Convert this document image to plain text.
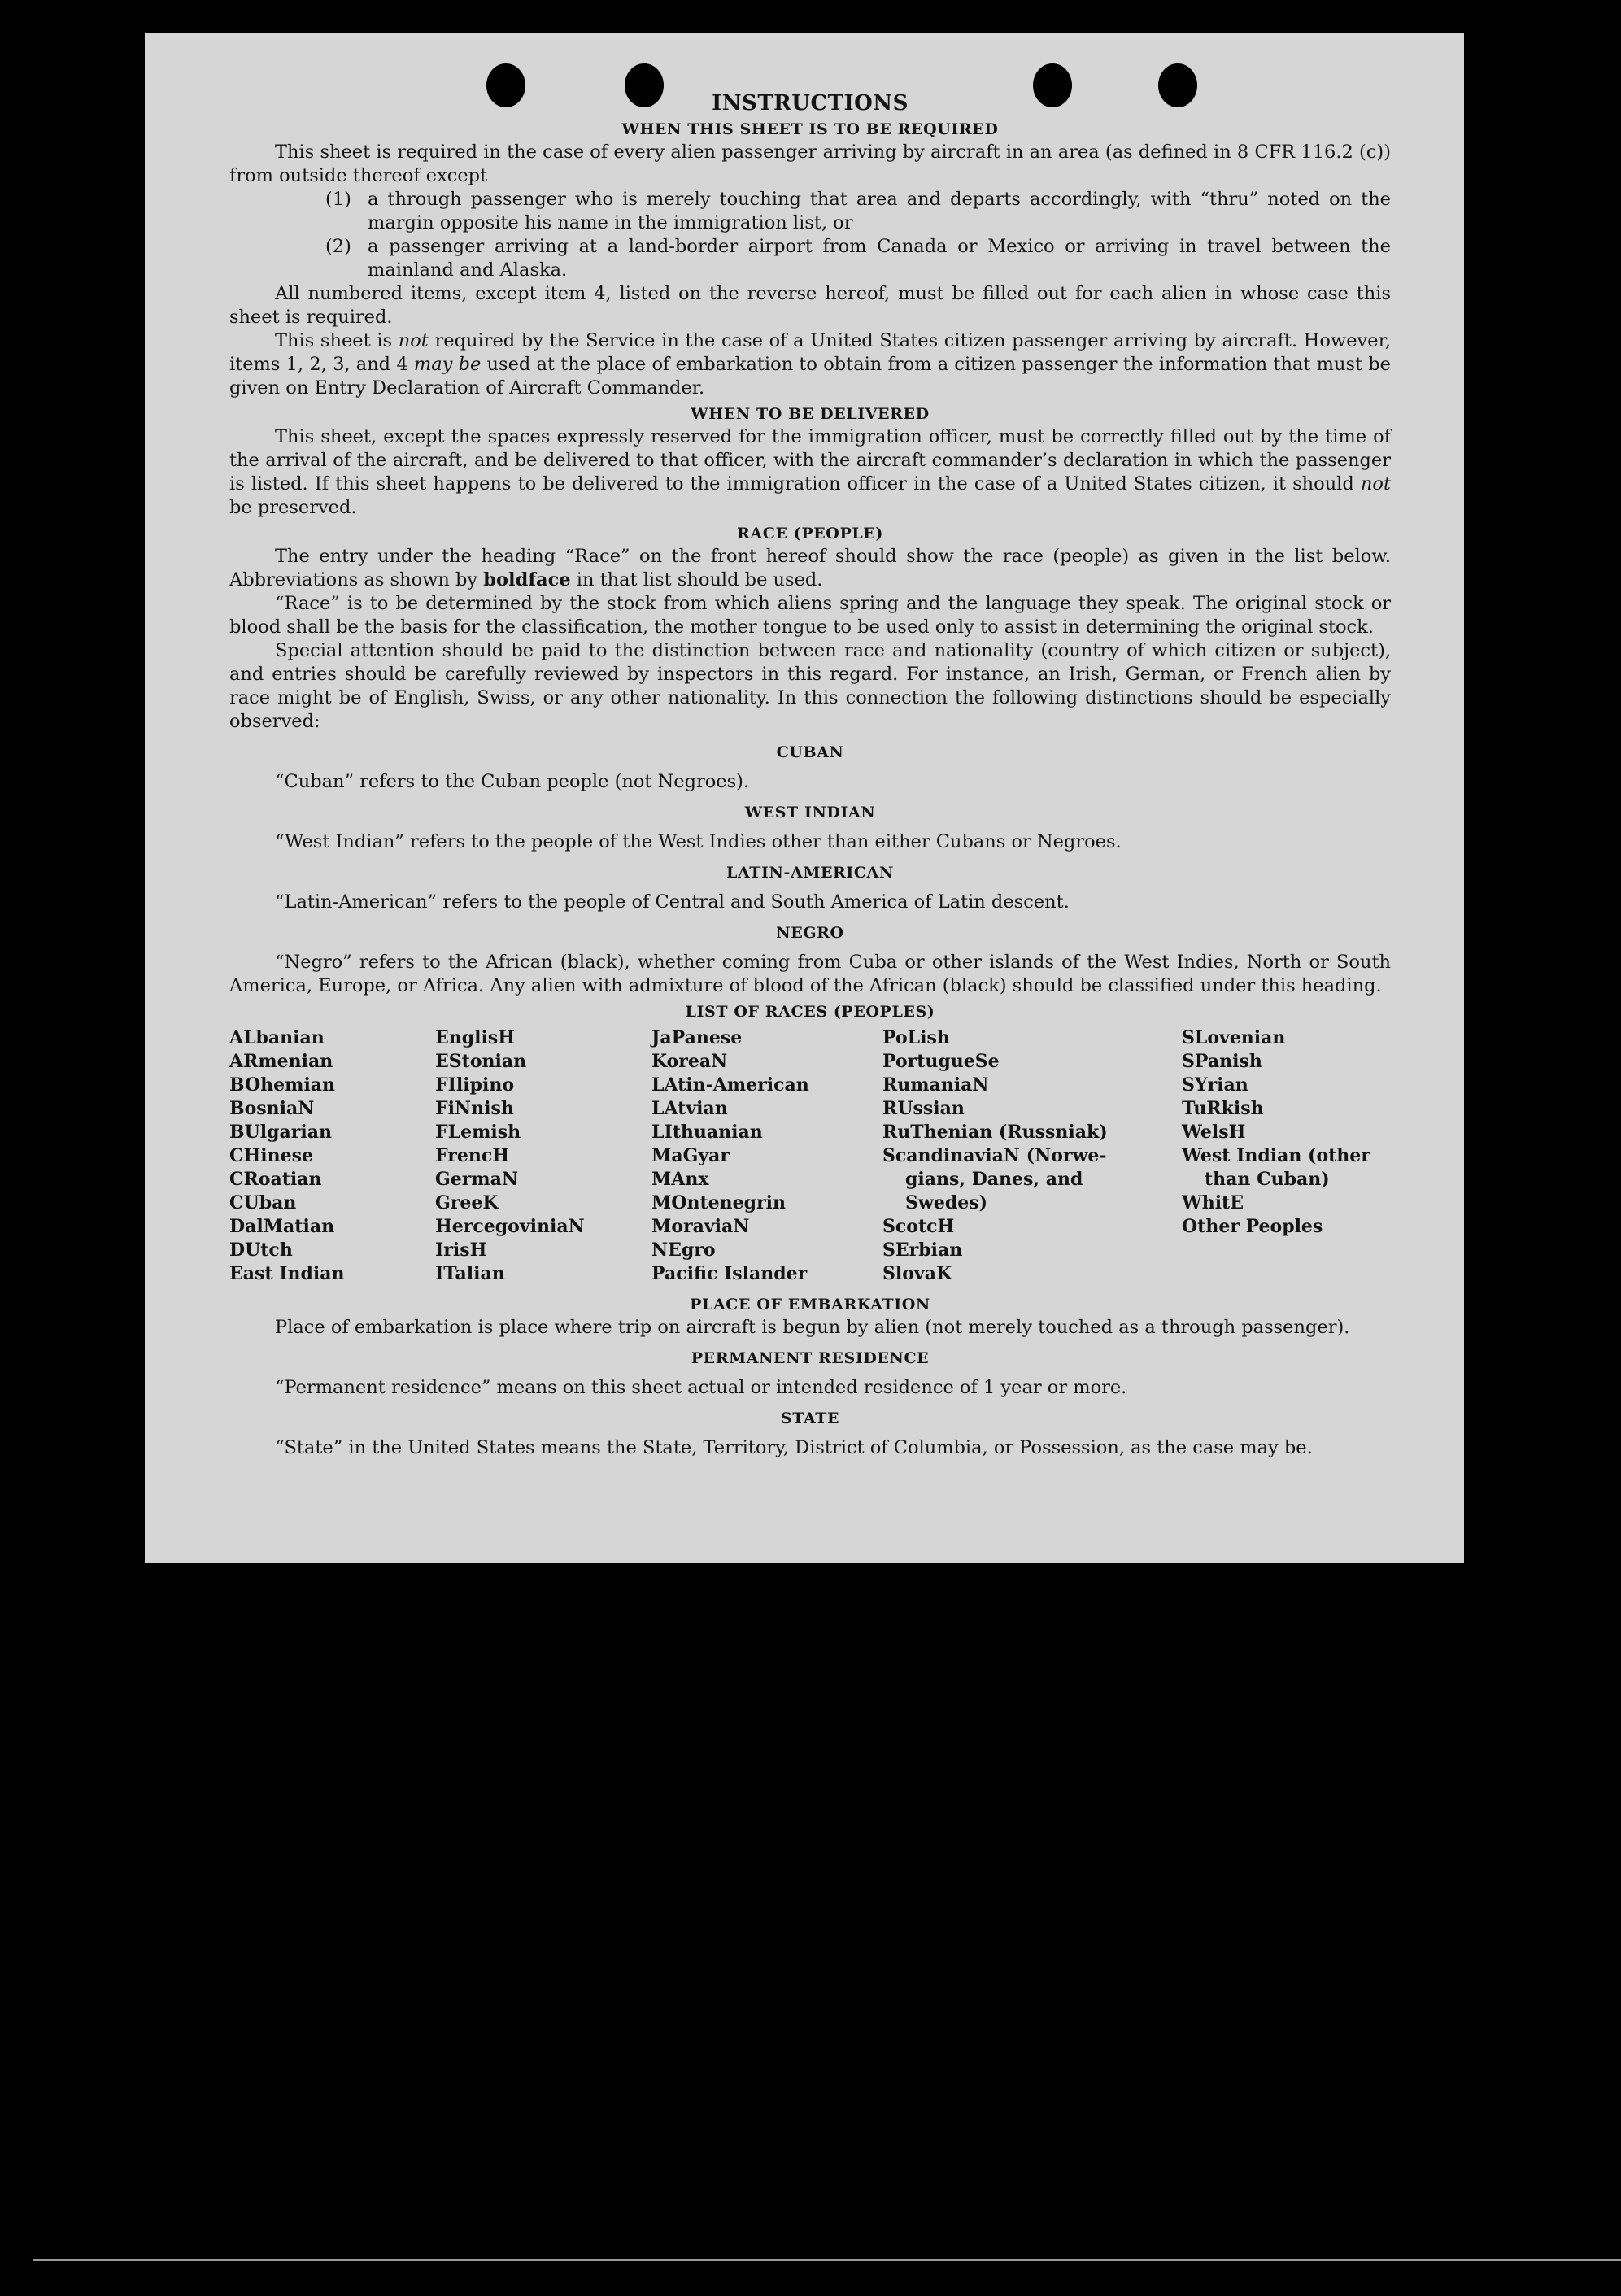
INSTRUCTIONS

WHEN THIS SHEET IS TO BE REQUIRED

This sheet is required in the case of every alien passenger arriving by aircraft in an area (as defined in 8 CFR 116.2 (c)) from outside thereof except

(1) a through passenger who is merely touching that area and departs accordingly, with “thru” noted on the margin opposite his name in the immigration list, or
(2) a passenger arriving at a land-border airport from Canada or Mexico or arriving in travel between the mainland and Alaska.

All numbered items, except item 4, listed on the reverse hereof, must be filled out for each alien in whose case this sheet is required.

This sheet is not required by the Service in the case of a United States citizen passenger arriving by aircraft. However, items 1, 2, 3, and 4 may be used at the place of embarkation to obtain from a citizen passenger the information that must be given on Entry Declaration of Aircraft Commander.

WHEN TO BE DELIVERED

This sheet, except the spaces expressly reserved for the immigration officer, must be correctly filled out by the time of the arrival of the aircraft, and be delivered to that officer, with the aircraft commander’s declaration in which the passenger is listed. If this sheet happens to be delivered to the immigration officer in the case of a United States citizen, it should not be preserved.

RACE (PEOPLE)

The entry under the heading “Race” on the front hereof should show the race (people) as given in the list below. Abbreviations as shown by boldface in that list should be used.

“Race” is to be determined by the stock from which aliens spring and the language they speak. The original stock or blood shall be the basis for the classification, the mother tongue to be used only to assist in determining the original stock.

Special attention should be paid to the distinction between race and nationality (country of which citizen or subject), and entries should be carefully reviewed by inspectors in this regard. For instance, an Irish, German, or French alien by race might be of English, Swiss, or any other nationality. In this connection the following distinctions should be especially observed:

CUBAN

“Cuban” refers to the Cuban people (not Negroes).

WEST INDIAN

“West Indian” refers to the people of the West Indies other than either Cubans or Negroes.

LATIN-AMERICAN

“Latin-American” refers to the people of Central and South America of Latin descent.

NEGRO

“Negro” refers to the African (black), whether coming from Cuba or other islands of the West Indies, North or South America, Europe, or Africa. Any alien with admixture of blood of the African (black) should be classified under this heading.

LIST OF RACES (PEOPLES)

ALbanian
ARmenian
BOhemian
BosniaN
BUlgarian
CHinese
CRoatian
CUban
DalMatian
DUtch
East Indian
EnglisH
EStonian
FIlipino
FiNnish
FLemish
FrencH
GermaN
GreeK
HercegoviniaN
IrisH
ITalian
JaPanese
KoreaN
LAtin-American
LAtvian
LIthuanian
MaGyar
MAnx
MOntenegrin
MoraviaN
NEgro
Pacific Islander
PoLish
PortugueSe
RumaniaN
RUssian
RuThenian (Russniak)
ScandinaviaN (Norwe-
gians, Danes, and
Swedes)
ScotcH
SErbian
SlovaK
SLovenian
SPanish
SYrian
TuRkish
WelsH
West Indian (other
than Cuban)
WhitE
Other Peoples

PLACE OF EMBARKATION

Place of embarkation is place where trip on aircraft is begun by alien (not merely touched as a through passenger).

PERMANENT RESIDENCE

“Permanent residence” means on this sheet actual or intended residence of 1 year or more.

STATE

“State” in the United States means the State, Territory, District of Columbia, or Possession, as the case may be.
